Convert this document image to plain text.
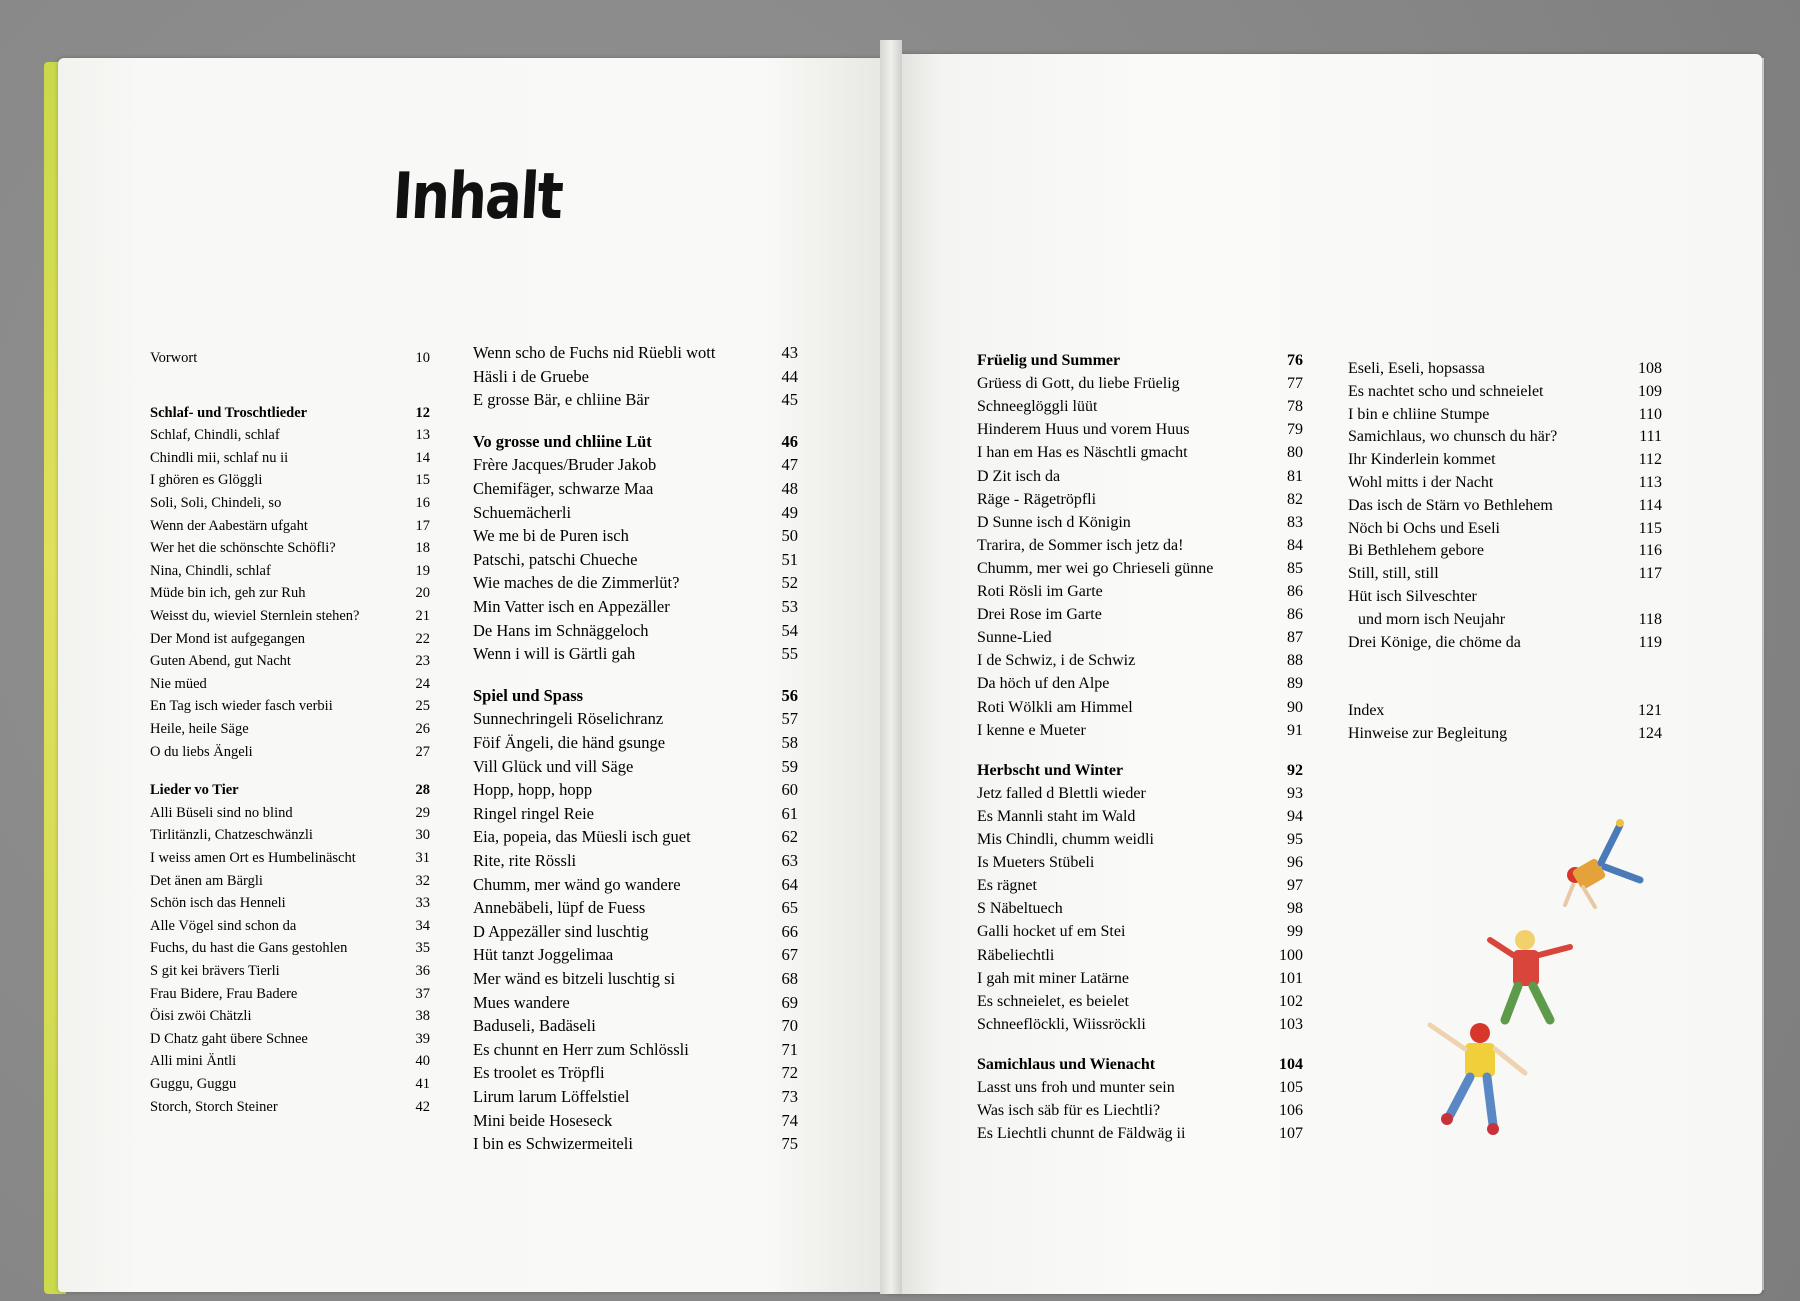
Inhalt
Vorwort	10
Schlaf- und Troschtlieder	12
Schlaf, Chindli, schlaf	13
Chindli mii, schlaf nu ii	14
I ghören es Glöggli	15
Soli, Soli, Chindeli, so	16
Wenn der Aabestärn ufgaht	17
Wer het die schönschte Schöfli?	18
Nina, Chindli, schlaf	19
Müde bin ich, geh zur Ruh	20
Weisst du, wieviel Sternlein stehen?	21
Der Mond ist aufgegangen	22
Guten Abend, gut Nacht	23
Nie müed	24
En Tag isch wieder fasch verbii	25
Heile, heile Säge	26
O du liebs Ängeli	27
Lieder vo Tier	28
Alli Büseli sind no blind	29
Tirlitänzli, Chatzeschwänzli	30
I weiss amen Ort es Humbelinäscht	31
Det änen am Bärgli	32
Schön isch das Henneli	33
Alle Vögel sind schon da	34
Fuchs, du hast die Gans gestohlen	35
S git kei brävers Tierli	36
Frau Bidere, Frau Badere	37
Öisi zwöi Chätzli	38
D Chatz gaht übere Schnee	39
Alli mini Äntli	40
Guggu, Guggu	41
Storch, Storch Steiner	42
Wenn scho de Fuchs nid Rüebli wott	43
Häsli i de Gruebe	44
E grosse Bär, e chliine Bär	45
Vo grosse und chliine Lüt	46
Frère Jacques/Bruder Jakob	47
Chemifäger, schwarze Maa	48
Schuemächerli	49
We me bi de Puren isch	50
Patschi, patschi Chueche	51
Wie maches de die Zimmerlüt?	52
Min Vatter isch en Appezäller	53
De Hans im Schnäggeloch	54
Wenn i will is Gärtli gah	55
Spiel und Spass	56
Sunnechringeli Röselichranz	57
Föif Ängeli, die händ gsunge	58
Vill Glück und vill Säge	59
Hopp, hopp, hopp	60
Ringel ringel Reie	61
Eia, popeia, das Müesli isch guet	62
Rite, rite Rössli	63
Chumm, mer wänd go wandere	64
Annebäbeli, lüpf de Fuess	65
D Appezäller sind luschtig	66
Hüt tanzt Joggelimaa	67
Mer wänd es bitzeli luschtig si	68
Mues wandere	69
Baduseli, Badäseli	70
Es chunnt en Herr zum Schlössli	71
Es troolet es Tröpfli	72
Lirum larum Löffelstiel	73
Mini beide Hoseseck	74
I bin es Schwizermeiteli	75
Früelig und Summer	76
Grüess di Gott, du liebe Früelig	77
Schneeglöggli lüüt	78
Hinderem Huus und vorem Huus	79
I han em Has es Näschtli gmacht	80
D Zit isch da	81
Räge - Rägetröpfli	82
D Sunne isch d Königin	83
Trarira, de Sommer isch jetz da!	84
Chumm, mer wei go Chrieseli günne	85
Roti Rösli im Garte	86
Drei Rose im Garte	86
Sunne-Lied	87
I de Schwiz, i de Schwiz	88
Da höch uf den Alpe	89
Roti Wölkli am Himmel	90
I kenne e Mueter	91
Herbscht und Winter	92
Jetz falled d Blettli wieder	93
Es Mannli staht im Wald	94
Mis Chindli, chumm weidli	95
Is Mueters Stübeli	96
Es rägnet	97
S Näbeltuech	98
Galli hocket uf em Stei	99
Räbeliechtli	100
I gah mit miner Latärne	101
Es schneielet, es beielet	102
Schneeflöckli, Wiissröckli	103
Samichlaus und Wienacht	104
Lasst uns froh und munter sein	105
Was isch säb für es Liechtli?	106
Es Liechtli chunnt de Fäldwäg ii	107
Eseli, Eseli, hopsassa	108
Es nachtet scho und schneielet	109
I bin e chliine Stumpe	110
Samichlaus, wo chunsch du här?	111
Ihr Kinderlein kommet	112
Wohl mitts i der Nacht	113
Das isch de Stärn vo Bethlehem	114
Nöch bi Ochs und Eseli	115
Bi Bethlehem gebore	116
Still, still, still	117
Hüt isch Silveschter
und morn isch Neujahr	118
Drei Könige, die chöme da	119
Index	121
Hinweise zur Begleitung	124
